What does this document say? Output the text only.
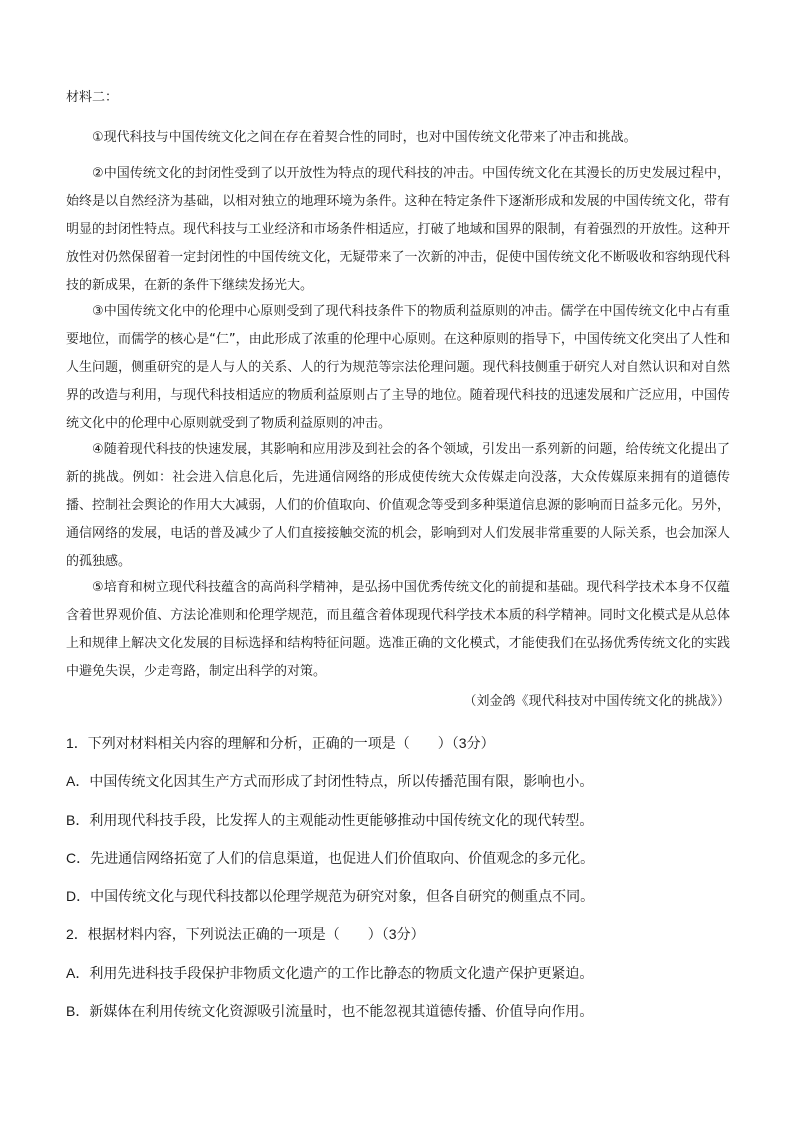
材料二：

①现代科技与中国传统文化之间在存在着契合性的同时，也对中国传统文化带来了冲击和挑战。

②中国传统文化的封闭性受到了以开放性为特点的现代科技的冲击。中国传统文化在其漫长的历史发展过程中，始终是以自然经济为基础，以相对独立的地理环境为条件。这种在特定条件下逐渐形成和发展的中国传统文化，带有明显的封闭性特点。现代科技与工业经济和市场条件相适应，打破了地域和国界的限制，有着强烈的开放性。这种开放性对仍然保留着一定封闭性的中国传统文化，无疑带来了一次新的冲击，促使中国传统文化不断吸收和容纳现代科技的新成果，在新的条件下继续发扬光大。

③中国传统文化中的伦理中心原则受到了现代科技条件下的物质利益原则的冲击。儒学在中国传统文化中占有重要地位，而儒学的核心是“仁”，由此形成了浓重的伦理中心原则。在这种原则的指导下，中国传统文化突出了人性和人生问题，侧重研究的是人与人的关系、人的行为规范等宗法伦理问题。现代科技侧重于研究人对自然认识和对自然界的改造与利用，与现代科技相适应的物质利益原则占了主导的地位。随着现代科技的迅速发展和广泛应用，中国传统文化中的伦理中心原则就受到了物质利益原则的冲击。

④随着现代科技的快速发展，其影响和应用涉及到社会的各个领域，引发出一系列新的问题，给传统文化提出了新的挑战。例如：社会进入信息化后，先进通信网络的形成使传统大众传媒走向没落，大众传媒原来拥有的道德传播、控制社会舆论的作用大大减弱，人们的价值取向、价值观念等受到多种渠道信息源的影响而日益多元化。另外，通信网络的发展，电话的普及减少了人们直接接触交流的机会，影响到对人们发展非常重要的人际关系，也会加深人的孤独感。

⑤培育和树立现代科技蕴含的高尚科学精神，是弘扬中国优秀传统文化的前提和基础。现代科学技术本身不仅蕴含着世界观价值、方法论准则和伦理学规范，而且蕴含着体现现代科学技术本质的科学精神。同时文化模式是从总体上和规律上解决文化发展的目标选择和结构特征问题。选准正确的文化模式，才能使我们在弘扬优秀传统文化的实践中避免失误，少走弯路，制定出科学的对策。

（刘金鸽《现代科技对中国传统文化的挑战》）
1．下列对材料相关内容的理解和分析，正确的一项是（　　）（3分）
A．中国传统文化因其生产方式而形成了封闭性特点，所以传播范围有限，影响也小。
B．利用现代科技手段，比发挥人的主观能动性更能够推动中国传统文化的现代转型。
C．先进通信网络拓宽了人们的信息渠道，也促进人们价值取向、价值观念的多元化。
D．中国传统文化与现代科技都以伦理学规范为研究对象，但各自研究的侧重点不同。
2．根据材料内容，下列说法正确的一项是（　　）（3分）
A．利用先进科技手段保护非物质文化遗产的工作比静态的物质文化遗产保护更紧迫。
B．新媒体在利用传统文化资源吸引流量时，也不能忽视其道德传播、价值导向作用。
